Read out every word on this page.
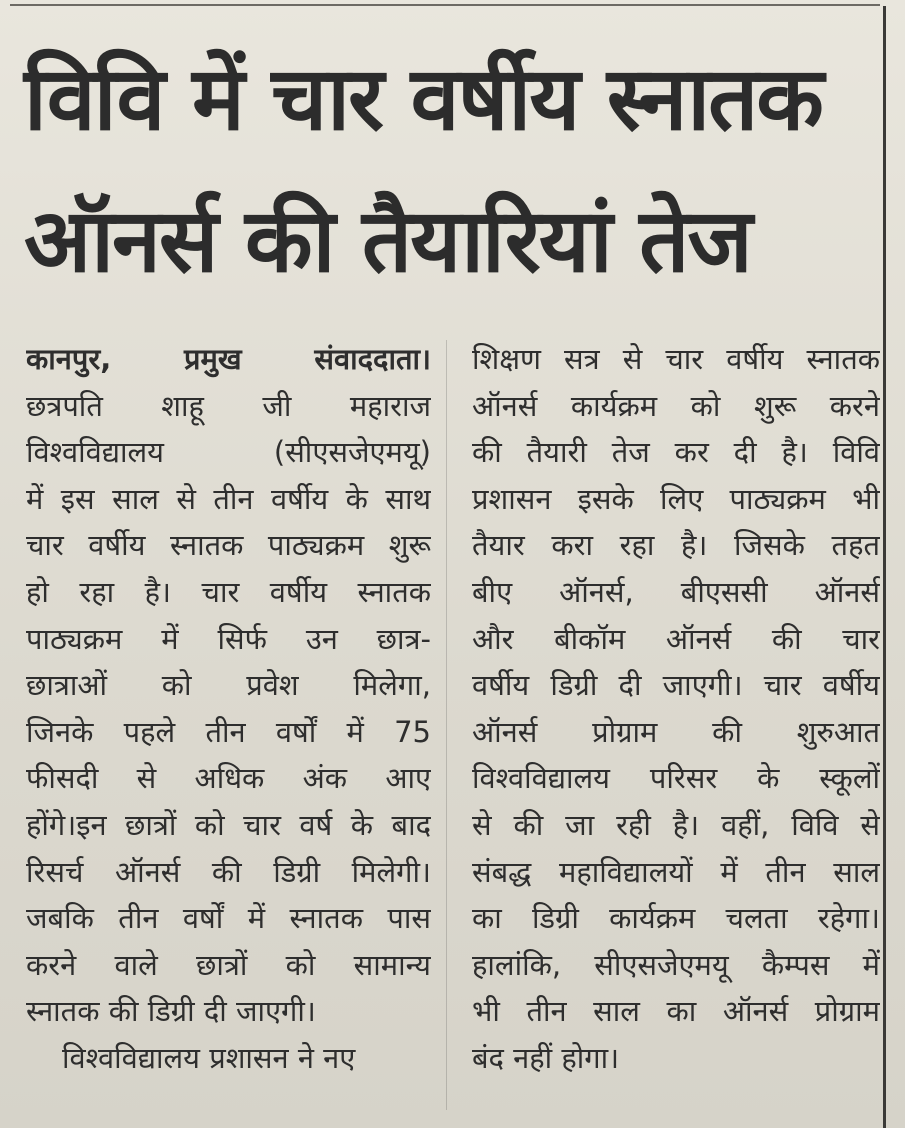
विवि में चार वर्षीय स्नातक
ऑनर्स की तैयारियां तेज
कानपुर, प्रमुख संवाददाता।
छत्रपति शाहू जी महाराज
विश्वविद्यालय (सीएसजेएमयू)
में इस साल से तीन वर्षीय के साथ
चार वर्षीय स्नातक पाठ्यक्रम शुरू
हो रहा है। चार वर्षीय स्नातक
पाठ्यक्रम में सिर्फ उन छात्र-
छात्राओं को प्रवेश मिलेगा,
जिनके पहले तीन वर्षों में 75
फीसदी से अधिक अंक आए
होंगे।इन छात्रों को चार वर्ष के बाद
रिसर्च ऑनर्स की डिग्री मिलेगी।
जबकि तीन वर्षों में स्नातक पास
करने वाले छात्रों को सामान्य
स्नातक की डिग्री दी जाएगी।
विश्वविद्यालय प्रशासन ने नए
शिक्षण सत्र से चार वर्षीय स्नातक
ऑनर्स कार्यक्रम को शुरू करने
की तैयारी तेज कर दी है। विवि
प्रशासन इसके लिए पाठ्यक्रम भी
तैयार करा रहा है। जिसके तहत
बीए ऑनर्स, बीएससी ऑनर्स
और बीकॉम ऑनर्स की चार
वर्षीय डिग्री दी जाएगी। चार वर्षीय
ऑनर्स प्रोग्राम की शुरुआत
विश्वविद्यालय परिसर के स्कूलों
से की जा रही है। वहीं, विवि से
संबद्ध महाविद्यालयों में तीन साल
का डिग्री कार्यक्रम चलता रहेगा।
हालांकि, सीएसजेएमयू कैम्पस में
भी तीन साल का ऑनर्स प्रोग्राम
बंद नहीं होगा।
